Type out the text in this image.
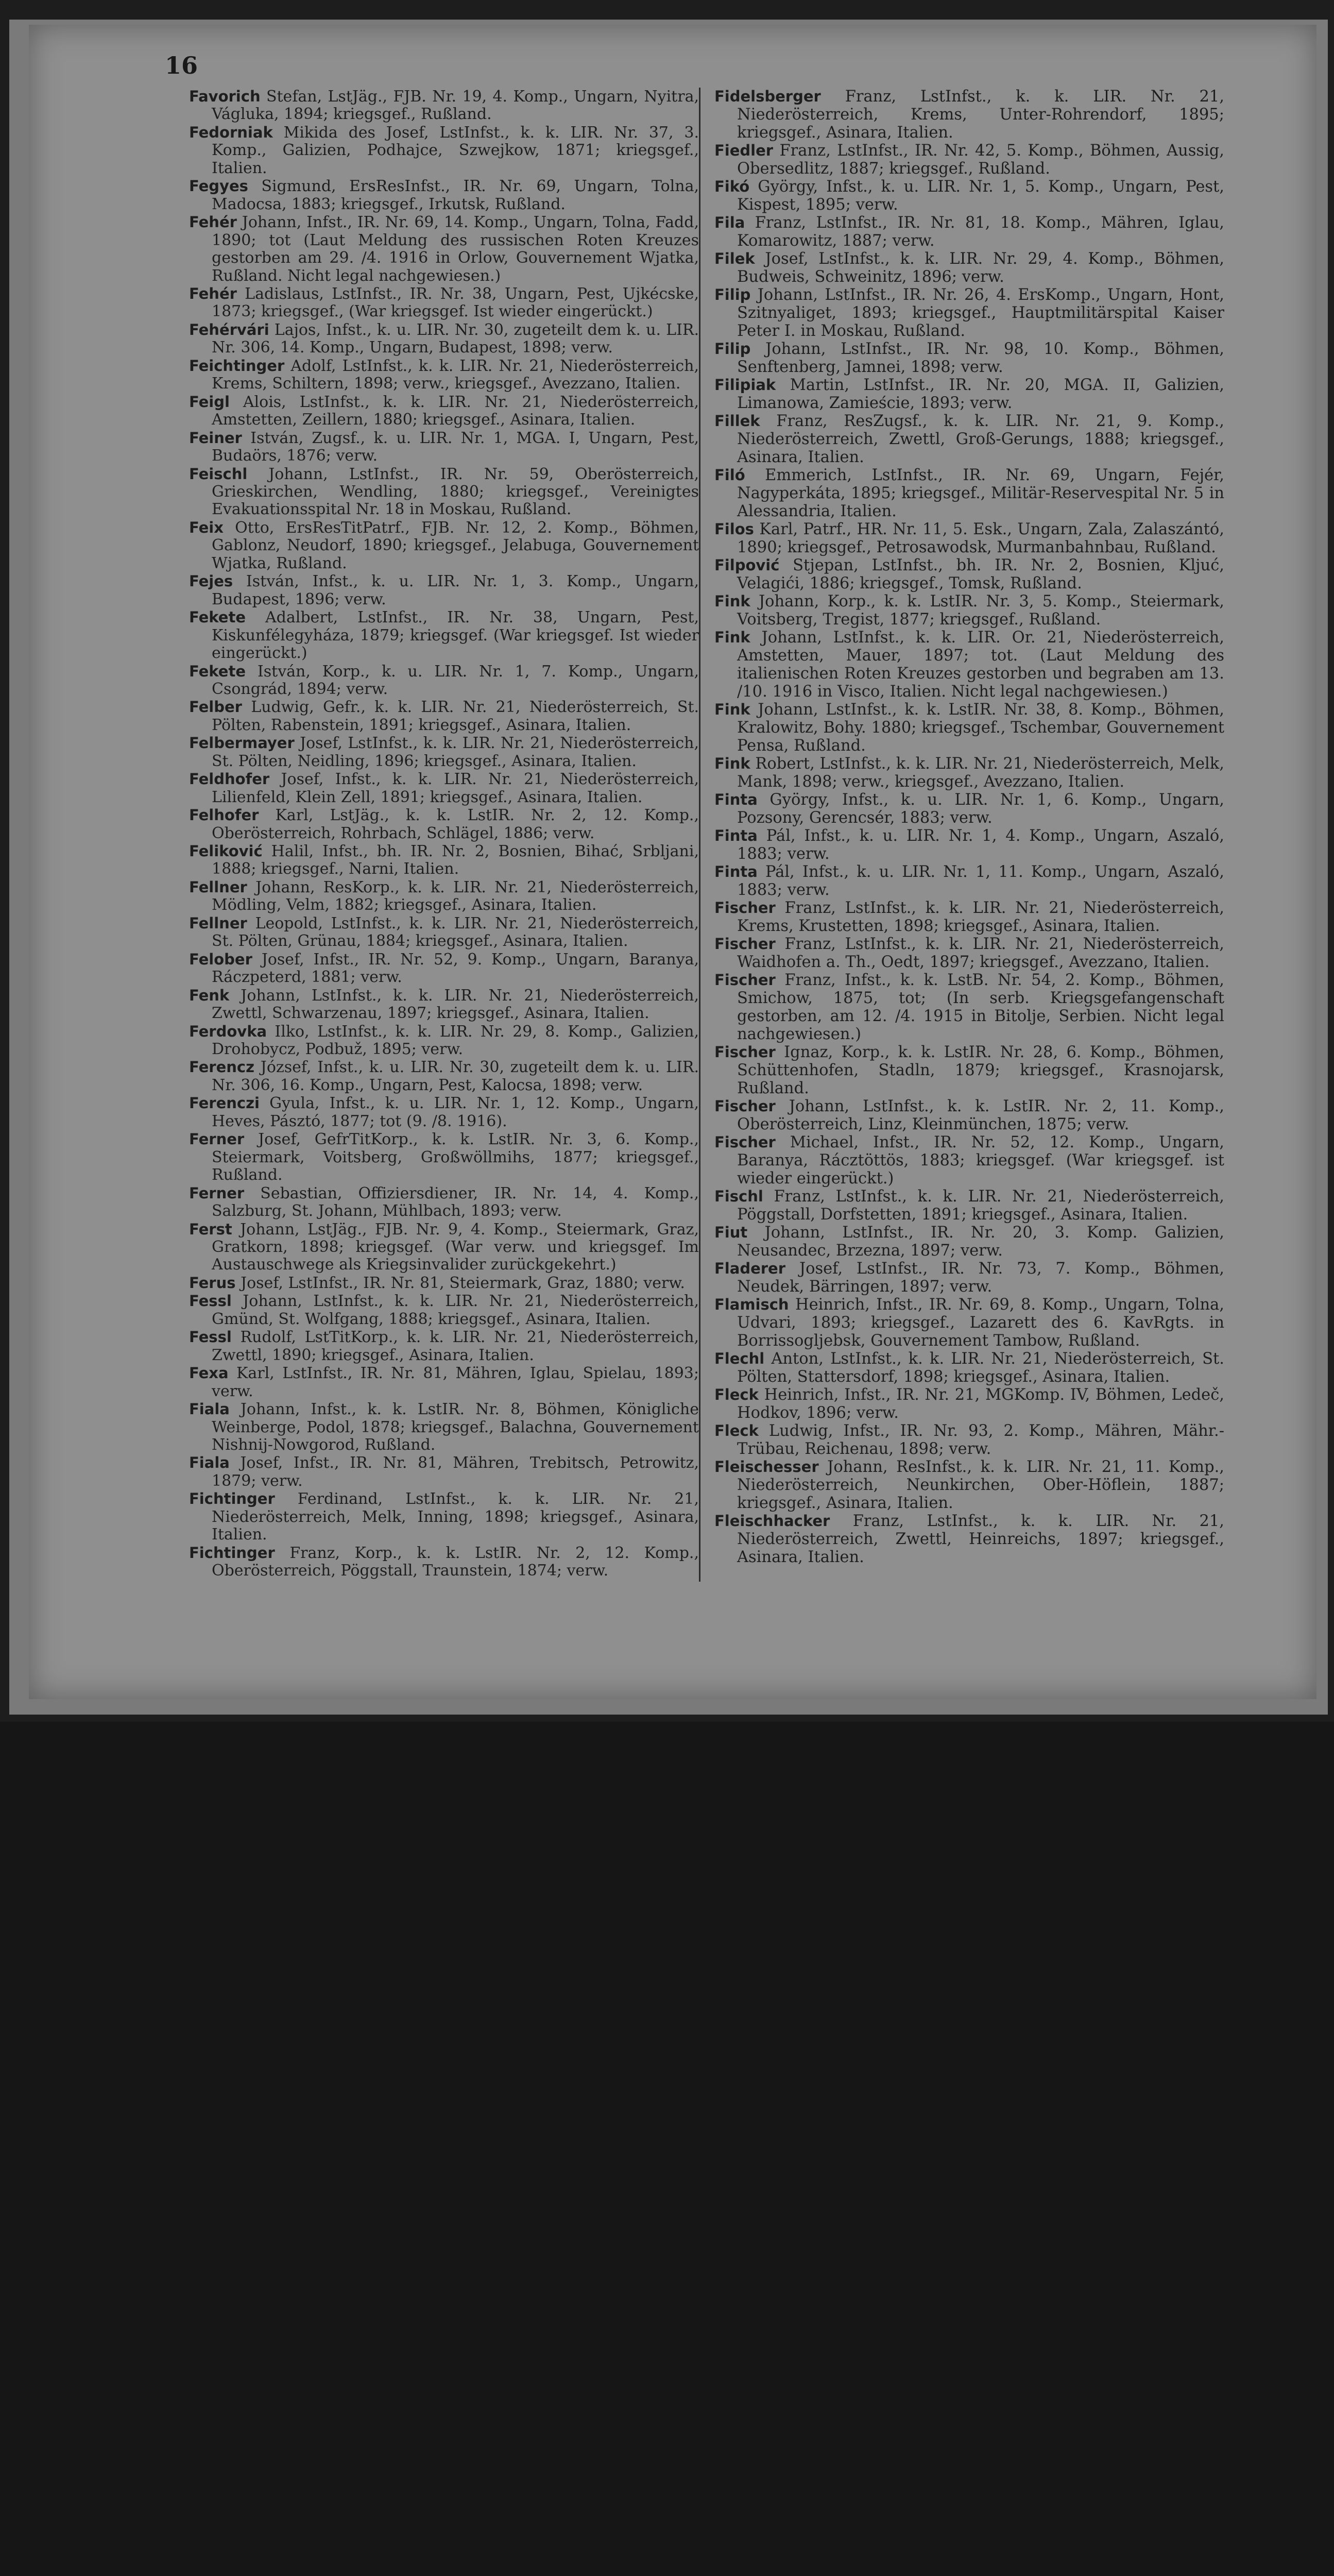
16

Favorich Stefan, LstJäg., FJB. Nr. 19, 4. Komp., Ungarn, Nyitra, Vágluka, 1894; kriegsgef., Rußland.

Fedorniak Mikida des Josef, LstInfst., k. k. LIR. Nr. 37, 3. Komp., Galizien, Podhajce, Szwejkow, 1871; kriegsgef., Italien.

Fegyes Sigmund, ErsResInfst., IR. Nr. 69, Ungarn, Tolna, Madocsa, 1883; kriegsgef., Irkutsk, Rußland.

Fehér Johann, Infst., IR. Nr. 69, 14. Komp., Ungarn, Tolna, Fadd, 1890; tot (Laut Meldung des russischen Roten Kreuzes gestorben am 29. /4. 1916 in Orlow, Gouvernement Wjatka, Rußland. Nicht legal nachgewiesen.)

Fehér Ladislaus, LstInfst., IR. Nr. 38, Ungarn, Pest, Ujkécske, 1873; kriegsgef., (War kriegsgef. Ist wieder eingerückt.)

Fehérvári Lajos, Infst., k. u. LIR. Nr. 30, zugeteilt dem k. u. LIR. Nr. 306, 14. Komp., Ungarn, Budapest, 1898; verw.

Feichtinger Adolf, LstInfst., k. k. LIR. Nr. 21, Niederösterreich, Krems, Schiltern, 1898; verw., kriegsgef., Avezzano, Italien.

Feigl Alois, LstInfst., k. k. LIR. Nr. 21, Niederösterreich, Amstetten, Zeillern, 1880; kriegsgef., Asinara, Italien.

Feiner István, Zugsf., k. u. LIR. Nr. 1, MGA. I, Ungarn, Pest, Budaörs, 1876; verw.

Feischl Johann, LstInfst., IR. Nr. 59, Oberösterreich, Grieskirchen, Wendling, 1880; kriegsgef., Vereinigtes Evakuationsspital Nr. 18 in Moskau, Rußland.

Feix Otto, ErsResTitPatrf., FJB. Nr. 12, 2. Komp., Böhmen, Gablonz, Neudorf, 1890; kriegsgef., Jelabuga, Gouvernement Wjatka, Rußland.

Fejes István, Infst., k. u. LIR. Nr. 1, 3. Komp., Ungarn, Budapest, 1896; verw.

Fekete Adalbert, LstInfst., IR. Nr. 38, Ungarn, Pest, Kiskunfélegyháza, 1879; kriegsgef. (War kriegsgef. Ist wieder eingerückt.)

Fekete István, Korp., k. u. LIR. Nr. 1, 7. Komp., Ungarn, Csongrád, 1894; verw.

Felber Ludwig, Gefr., k. k. LIR. Nr. 21, Niederösterreich, St. Pölten, Rabenstein, 1891; kriegsgef., Asinara, Italien.

Felbermayer Josef, LstInfst., k. k. LIR. Nr. 21, Niederösterreich, St. Pölten, Neidling, 1896; kriegsgef., Asinara, Italien.

Feldhofer Josef, Infst., k. k. LIR. Nr. 21, Niederösterreich, Lilienfeld, Klein Zell, 1891; kriegsgef., Asinara, Italien.

Felhofer Karl, LstJäg., k. k. LstIR. Nr. 2, 12. Komp., Oberösterreich, Rohrbach, Schlägel, 1886; verw.

Feliković Halil, Infst., bh. IR. Nr. 2, Bosnien, Bihać, Srbljani, 1888; kriegsgef., Narni, Italien.

Fellner Johann, ResKorp., k. k. LIR. Nr. 21, Niederösterreich, Mödling, Velm, 1882; kriegsgef., Asinara, Italien.

Fellner Leopold, LstInfst., k. k. LIR. Nr. 21, Niederösterreich, St. Pölten, Grünau, 1884; kriegsgef., Asinara, Italien.

Felober Josef, Infst., IR. Nr. 52, 9. Komp., Ungarn, Baranya, Ráczpeterd, 1881; verw.

Fenk Johann, LstInfst., k. k. LIR. Nr. 21, Niederösterreich, Zwettl, Schwarzenau, 1897; kriegsgef., Asinara, Italien.

Ferdovka Ilko, LstInfst., k. k. LIR. Nr. 29, 8. Komp., Galizien, Drohobycz, Podbuž, 1895; verw.

Ferencz József, Infst., k. u. LIR. Nr. 30, zugeteilt dem k. u. LIR. Nr. 306, 16. Komp., Ungarn, Pest, Kalocsa, 1898; verw.

Ferenczi Gyula, Infst., k. u. LIR. Nr. 1, 12. Komp., Ungarn, Heves, Pásztó, 1877; tot (9. /8. 1916).

Ferner Josef, GefrTitKorp., k. k. LstIR. Nr. 3, 6. Komp., Steiermark, Voitsberg, Großwöllmihs, 1877; kriegsgef., Rußland.

Ferner Sebastian, Offiziersdiener, IR. Nr. 14, 4. Komp., Salzburg, St. Johann, Mühlbach, 1893; verw.

Ferst Johann, LstJäg., FJB. Nr. 9, 4. Komp., Steiermark, Graz, Gratkorn, 1898; kriegsgef. (War verw. und kriegsgef. Im Austauschwege als Kriegsinvalider zurückgekehrt.)

Ferus Josef, LstInfst., IR. Nr. 81, Steiermark, Graz, 1880; verw.

Fessl Johann, LstInfst., k. k. LIR. Nr. 21, Niederösterreich, Gmünd, St. Wolfgang, 1888; kriegsgef., Asinara, Italien.

Fessl Rudolf, LstTitKorp., k. k. LIR. Nr. 21, Niederösterreich, Zwettl, 1890; kriegsgef., Asinara, Italien.

Fexa Karl, LstInfst., IR. Nr. 81, Mähren, Iglau, Spielau, 1893; verw.

Fiala Johann, Infst., k. k. LstIR. Nr. 8, Böhmen, Königliche Weinberge, Podol, 1878; kriegsgef., Balachna, Gouvernement Nishnij-Nowgorod, Rußland.

Fiala Josef, Infst., IR. Nr. 81, Mähren, Trebitsch, Petrowitz, 1879; verw.

Fichtinger Ferdinand, LstInfst., k. k. LIR. Nr. 21, Niederösterreich, Melk, Inning, 1898; kriegsgef., Asinara, Italien.

Fichtinger Franz, Korp., k. k. LstIR. Nr. 2, 12. Komp., Oberösterreich, Pöggstall, Traunstein, 1874; verw.

Fidelsberger Franz, LstInfst., k. k. LIR. Nr. 21, Niederösterreich, Krems, Unter-Rohrendorf, 1895; kriegsgef., Asinara, Italien.

Fiedler Franz, LstInfst., IR. Nr. 42, 5. Komp., Böhmen, Aussig, Obersedlitz, 1887; kriegsgef., Rußland.

Fikó György, Infst., k. u. LIR. Nr. 1, 5. Komp., Ungarn, Pest, Kispest, 1895; verw.

Fila Franz, LstInfst., IR. Nr. 81, 18. Komp., Mähren, Iglau, Komarowitz, 1887; verw.

Filek Josef, LstInfst., k. k. LIR. Nr. 29, 4. Komp., Böhmen, Budweis, Schweinitz, 1896; verw.

Filip Johann, LstInfst., IR. Nr. 26, 4. ErsKomp., Ungarn, Hont, Szitnyaliget, 1893; kriegsgef., Hauptmilitärspital Kaiser Peter I. in Moskau, Rußland.

Filip Johann, LstInfst., IR. Nr. 98, 10. Komp., Böhmen, Senftenberg, Jamnei, 1898; verw.

Filipiak Martin, LstInfst., IR. Nr. 20, MGA. II, Galizien, Limanowa, Zamieście, 1893; verw.

Fillek Franz, ResZugsf., k. k. LIR. Nr. 21, 9. Komp., Niederösterreich, Zwettl, Groß-Gerungs, 1888; kriegsgef., Asinara, Italien.

Filó Emmerich, LstInfst., IR. Nr. 69, Ungarn, Fejér, Nagyperkáta, 1895; kriegsgef., Militär-Reservespital Nr. 5 in Alessandria, Italien.

Filos Karl, Patrf., HR. Nr. 11, 5. Esk., Ungarn, Zala, Zalaszántó, 1890; kriegsgef., Petrosawodsk, Murmanbahnbau, Rußland.

Filpović Stjepan, LstInfst., bh. IR. Nr. 2, Bosnien, Kljuć, Velagići, 1886; kriegsgef., Tomsk, Rußland.

Fink Johann, Korp., k. k. LstIR. Nr. 3, 5. Komp., Steiermark, Voitsberg, Tregist, 1877; kriegsgef., Rußland.

Fink Johann, LstInfst., k. k. LIR. Or. 21, Niederösterreich, Amstetten, Mauer, 1897; tot. (Laut Meldung des italienischen Roten Kreuzes gestorben und begraben am 13. /10. 1916 in Visco, Italien. Nicht legal nachgewiesen.)

Fink Johann, LstInfst., k. k. LstIR. Nr. 38, 8. Komp., Böhmen, Kralowitz, Bohy. 1880; kriegsgef., Tschembar, Gouvernement Pensa, Rußland.

Fink Robert, LstInfst., k. k. LIR. Nr. 21, Niederösterreich, Melk, Mank, 1898; verw., kriegsgef., Avezzano, Italien.

Finta György, Infst., k. u. LIR. Nr. 1, 6. Komp., Ungarn, Pozsony, Gerencsér, 1883; verw.

Finta Pál, Infst., k. u. LIR. Nr. 1, 4. Komp., Ungarn, Aszaló, 1883; verw.

Finta Pál, Infst., k. u. LIR. Nr. 1, 11. Komp., Ungarn, Aszaló, 1883; verw.

Fischer Franz, LstInfst., k. k. LIR. Nr. 21, Niederösterreich, Krems, Krustetten, 1898; kriegsgef., Asinara, Italien.

Fischer Franz, LstInfst., k. k. LIR. Nr. 21, Niederösterreich, Waidhofen a. Th., Oedt, 1897; kriegsgef., Avezzano, Italien.

Fischer Franz, Infst., k. k. LstB. Nr. 54, 2. Komp., Böhmen, Smichow, 1875, tot; (In serb. Kriegsgefangenschaft gestorben, am 12. /4. 1915 in Bitolje, Serbien. Nicht legal nachgewiesen.)

Fischer Ignaz, Korp., k. k. LstIR. Nr. 28, 6. Komp., Böhmen, Schüttenhofen, Stadln, 1879; kriegsgef., Krasnojarsk, Rußland.

Fischer Johann, LstInfst., k. k. LstIR. Nr. 2, 11. Komp., Oberösterreich, Linz, Kleinmünchen, 1875; verw.

Fischer Michael, Infst., IR. Nr. 52, 12. Komp., Ungarn, Baranya, Rácztöttös, 1883; kriegsgef. (War kriegsgef. ist wieder eingerückt.)

Fischl Franz, LstInfst., k. k. LIR. Nr. 21, Niederösterreich, Pöggstall, Dorfstetten, 1891; kriegsgef., Asinara, Italien.

Fiut Johann, LstInfst., IR. Nr. 20, 3. Komp. Galizien, Neusandec, Brzezna, 1897; verw.

Fladerer Josef, LstInfst., IR. Nr. 73, 7. Komp., Böhmen, Neudek, Bärringen, 1897; verw.

Flamisch Heinrich, Infst., IR. Nr. 69, 8. Komp., Ungarn, Tolna, Udvari, 1893; kriegsgef., Lazarett des 6. KavRgts. in Borrissogljebsk, Gouvernement Tambow, Rußland.

Flechl Anton, LstInfst., k. k. LIR. Nr. 21, Niederösterreich, St. Pölten, Stattersdorf, 1898; kriegsgef., Asinara, Italien.

Fleck Heinrich, Infst., IR. Nr. 21, MGKomp. IV, Böhmen, Ledeč, Hodkov, 1896; verw.

Fleck Ludwig, Infst., IR. Nr. 93, 2. Komp., Mähren, Mähr.-Trübau, Reichenau, 1898; verw.

Fleischesser Johann, ResInfst., k. k. LIR. Nr. 21, 11. Komp., Niederösterreich, Neunkirchen, Ober-Höflein, 1887; kriegsgef., Asinara, Italien.

Fleischhacker Franz, LstInfst., k. k. LIR. Nr. 21, Niederösterreich, Zwettl, Heinreichs, 1897; kriegsgef., Asinara, Italien.
